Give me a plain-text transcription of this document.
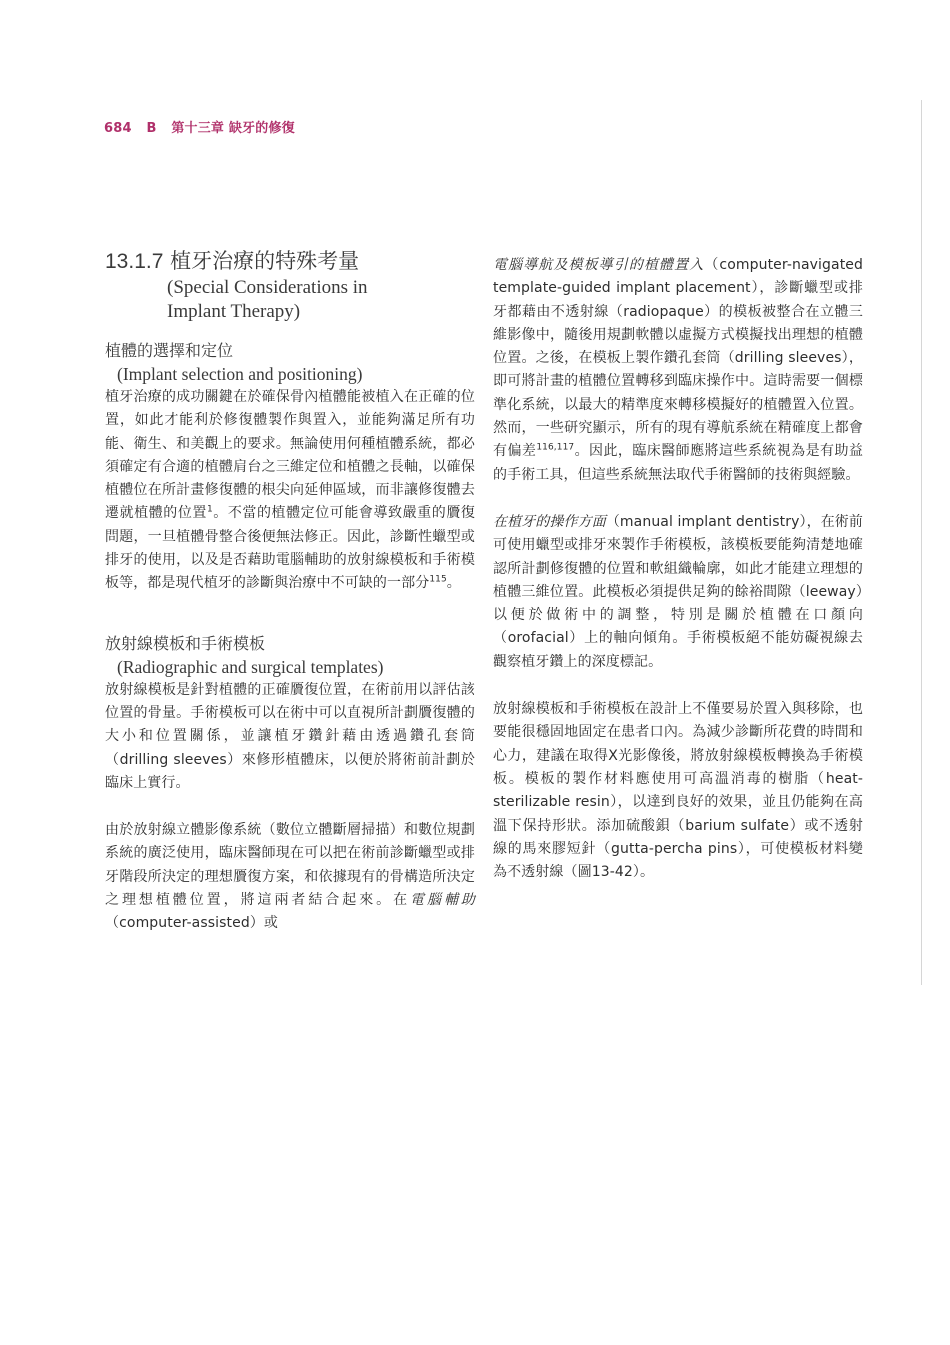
684 B 第十三章 缺牙的修復
13.1.7 植牙治療的特殊考量
(Special Considerations in
Implant Therapy)
植體的選擇和定位
(Implant selection and positioning)

植牙治療的成功關鍵在於確保骨內植體能被植入在正確的位置，如此才能利於修復體製作與置入，並能夠滿足所有功能、衛生、和美觀上的要求。無論使用何種植體系統，都必須確定有合適的植體肩台之三維定位和植體之長軸，以確保植體位在所計畫修復體的根尖向延伸區域，而非讓修復體去遷就植體的位置$^1$。不當的植體定位可能會導致嚴重的贗復問題，一旦植體骨整合後便無法修正。因此，診斷性蠟型或排牙的使用，以及是否藉助電腦輔助的放射線模板和手術模板等，都是現代植牙的診斷與治療中不可缺的一部分$^{115}$。

放射線模板和手術模板
(Radiographic and surgical templates)

放射線模板是針對植體的正確贗復位置，在術前用以評估該位置的骨量。手術模板可以在術中可以直視所計劃贗復體的大小和位置關係，並讓植牙鑽針藉由透過鑽孔套筒（drilling sleeves）來修形植體床，以便於將術前計劃於臨床上實行。

由於放射線立體影像系統（數位立體斷層掃描）和數位規劃系統的廣泛使用，臨床醫師現在可以把在術前診斷蠟型或排牙階段所決定的理想贗復方案，和依據現有的骨構造所決定之理想植體位置，將這兩者結合起來。在電腦輔助（computer-assisted）或

電腦導航及模板導引的植體置入（computer-navigated template-guided implant placement），診斷蠟型或排牙都藉由不透射線（radiopaque）的模板被整合在立體三維影像中，隨後用規劃軟體以虛擬方式模擬找出理想的植體位置。之後，在模板上製作鑽孔套筒（drilling sleeves），即可將計畫的植體位置轉移到臨床操作中。這時需要一個標準化系統，以最大的精準度來轉移模擬好的植體置入位置。然而，一些研究顯示，所有的現有導航系統在精確度上都會有偏差$^{116,117}$。因此，臨床醫師應將這些系統視為是有助益的手術工具，但這些系統無法取代手術醫師的技術與經驗。

在植牙的操作方面（manual implant dentistry），在術前可使用蠟型或排牙來製作手術模板，該模板要能夠清楚地確認所計劃修復體的位置和軟組織輪廓，如此才能建立理想的植體三維位置。此模板必須提供足夠的餘裕間隙（leeway）以便於做術中的調整，特別是關於植體在口顏向（orofacial）上的軸向傾角。手術模板絕不能妨礙視線去觀察植牙鑽上的深度標記。

放射線模板和手術模板在設計上不僅要易於置入與移除，也要能很穩固地固定在患者口內。為減少診斷所花費的時間和心力，建議在取得X光影像後，將放射線模板轉換為手術模板。模板的製作材料應使用可高溫消毒的樹脂（heat-sterilizable resin），以達到良好的效果，並且仍能夠在高溫下保持形狀。添加硫酸鋇（barium sulfate）或不透射線的馬來膠短針（gutta-percha pins），可使模板材料變為不透射線（圖13-42）。
